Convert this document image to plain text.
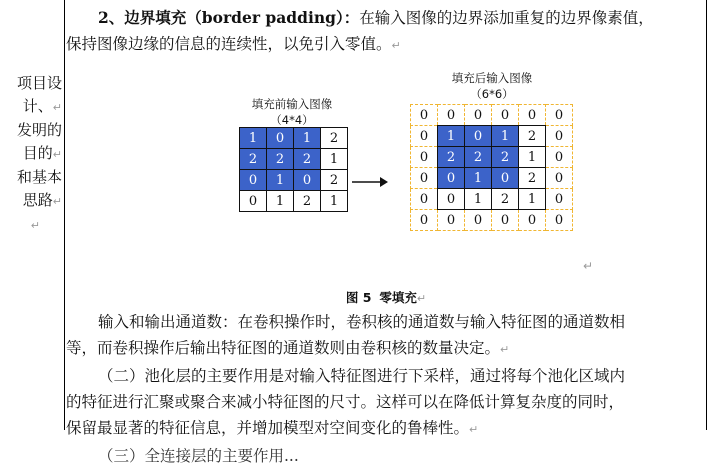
项目设
计、↵
发明的
目的↵
和基本
思路↵
↵
2、边界填充（border padding）：在输入图像的边界添加重复的边界像素值，
保持图像边缘的信息的连续性，以免引入零值。↵
填充前输入图像
（4*4）
1	0	1	2
2	2	2	1
0	1	0	2
0	1	2	1
填充后输入图像
（6*6）
0	0	0	0	0	0
0	1	0	1	2	0
0	2	2	2	1	0
0	0	1	0	2	0
0	0	1	2	1	0
0	0	0	0	0	0
↵
图 5 零填充↵
输入和输出通道数：在卷积操作时，卷积核的通道数与输入特征图的通道数相
等，而卷积操作后输出特征图的通道数则由卷积核的数量决定。↵
（二）池化层的主要作用是对输入特征图进行下采样，通过将每个池化区域内
的特征进行汇聚或聚合来减小特征图的尺寸。这样可以在降低计算复杂度的同时，
保留最显著的特征信息，并增加模型对空间变化的鲁棒性。↵
（三）全连接层的主要作用...
